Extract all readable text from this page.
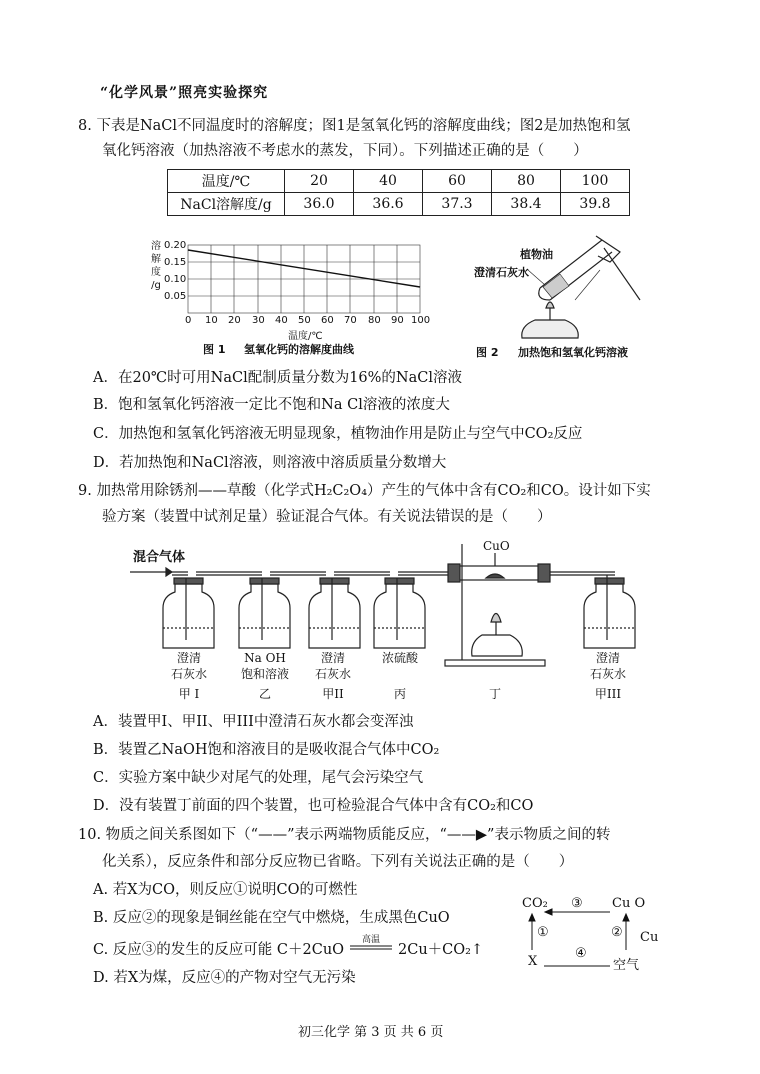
“化学风景”照亮实验探究
8. 下表是NaCl不同温度时的溶解度；图1是氢氧化钙的溶解度曲线；图2是加热饱和氢
氧化钙溶液（加热溶液不考虑水的蒸发，下同）。下列描述正确的是（　　）
温度/℃	20	40	60	80	100
NaCl溶解度/g	36.0	36.6	37.3	38.4	39.8
溶
解
度
/g
0.20
0.15
0.10
0.05
0 10 20 30 40 50 60 70 80 90 100
温度/℃
图 1 氢氧化钙的溶解度曲线
植物油
澄清石灰水
图 2 加热饱和氢氧化钙溶液
A．在20℃时可用NaCl配制质量分数为16%的NaCl溶液
B．饱和氢氧化钙溶液一定比不饱和Na Cl溶液的浓度大
C．加热饱和氢氧化钙溶液无明显现象，植物油作用是防止与空气中CO₂反应
D．若加热饱和NaCl溶液，则溶液中溶质质量分数增大
9. 加热常用除锈剂——草酸（化学式H₂C₂O₄）产生的气体中含有CO₂和CO。设计如下实
验方案（装置中试剂足量）验证混合气体。有关说法错误的是（　　）
混合气体
CuO
澄清
石灰水
甲 I
Na OH
饱和溶液
乙
澄清
石灰水
甲II
浓硫酸
丙	丁
澄清
石灰水
甲III
A．装置甲I、甲II、甲III中澄清石灰水都会变浑浊
B．装置乙NaOH饱和溶液目的是吸收混合气体中CO₂
C．实验方案中缺少对尾气的处理，尾气会污染空气
D．没有装置丁前面的四个装置，也可检验混合气体中含有CO₂和CO
10. 物质之间关系图如下（“——”表示两端物质能反应，“——▶”表示物质之间的转
化关系），反应条件和部分反应物已省略。下列有关说法正确的是（　　）
A. 若X为CO，则反应①说明CO的可燃性
B. 反应②的现象是铜丝能在空气中燃烧，生成黑色CuO
C. 反应③的发生的反应可能 C＋2CuO
高温
2Cu＋CO₂↑
D. 若X为煤，反应④的产物对空气无污染
CO₂	Cu O
X	空气
Cu
①	②
③
④
初三化学 第 3 页 共 6 页
